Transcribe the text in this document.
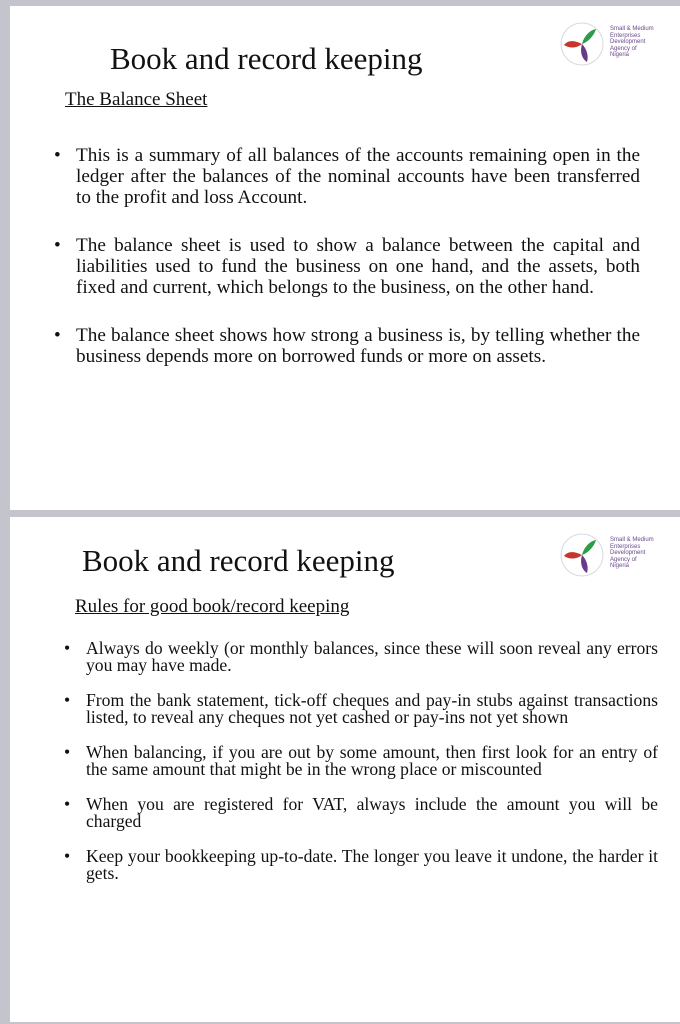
Small & Medium
Enterprises
Development
Agency of
Nigeria
Book and record keeping
The Balance Sheet
• This is a summary of all balances of the accounts remaining open in the ledger after the balances of the nominal accounts have been transferred to the profit and loss Account.
• The balance sheet is used to show a balance between the capital and liabilities used to fund the business on one hand, and the assets, both fixed and current, which belongs to the business, on the other hand.
• The balance sheet shows how strong a business is, by telling whether the business depends more on borrowed funds or more on assets.
Small & Medium
Enterprises
Development
Agency of
Nigeria
Book and record keeping
Rules for good book/record keeping
• Always do weekly (or monthly balances, since these will soon reveal any errors you may have made.
• From the bank statement, tick-off cheques and pay-in stubs against transactions listed, to reveal any cheques not yet cashed or pay-ins not yet shown
• When balancing, if you are out by some amount, then first look for an entry of the same amount that might be in the wrong place or miscounted
• When you are registered for VAT, always include the amount you will be charged
• Keep your bookkeeping up-to-date. The longer you leave it undone, the harder it gets.
